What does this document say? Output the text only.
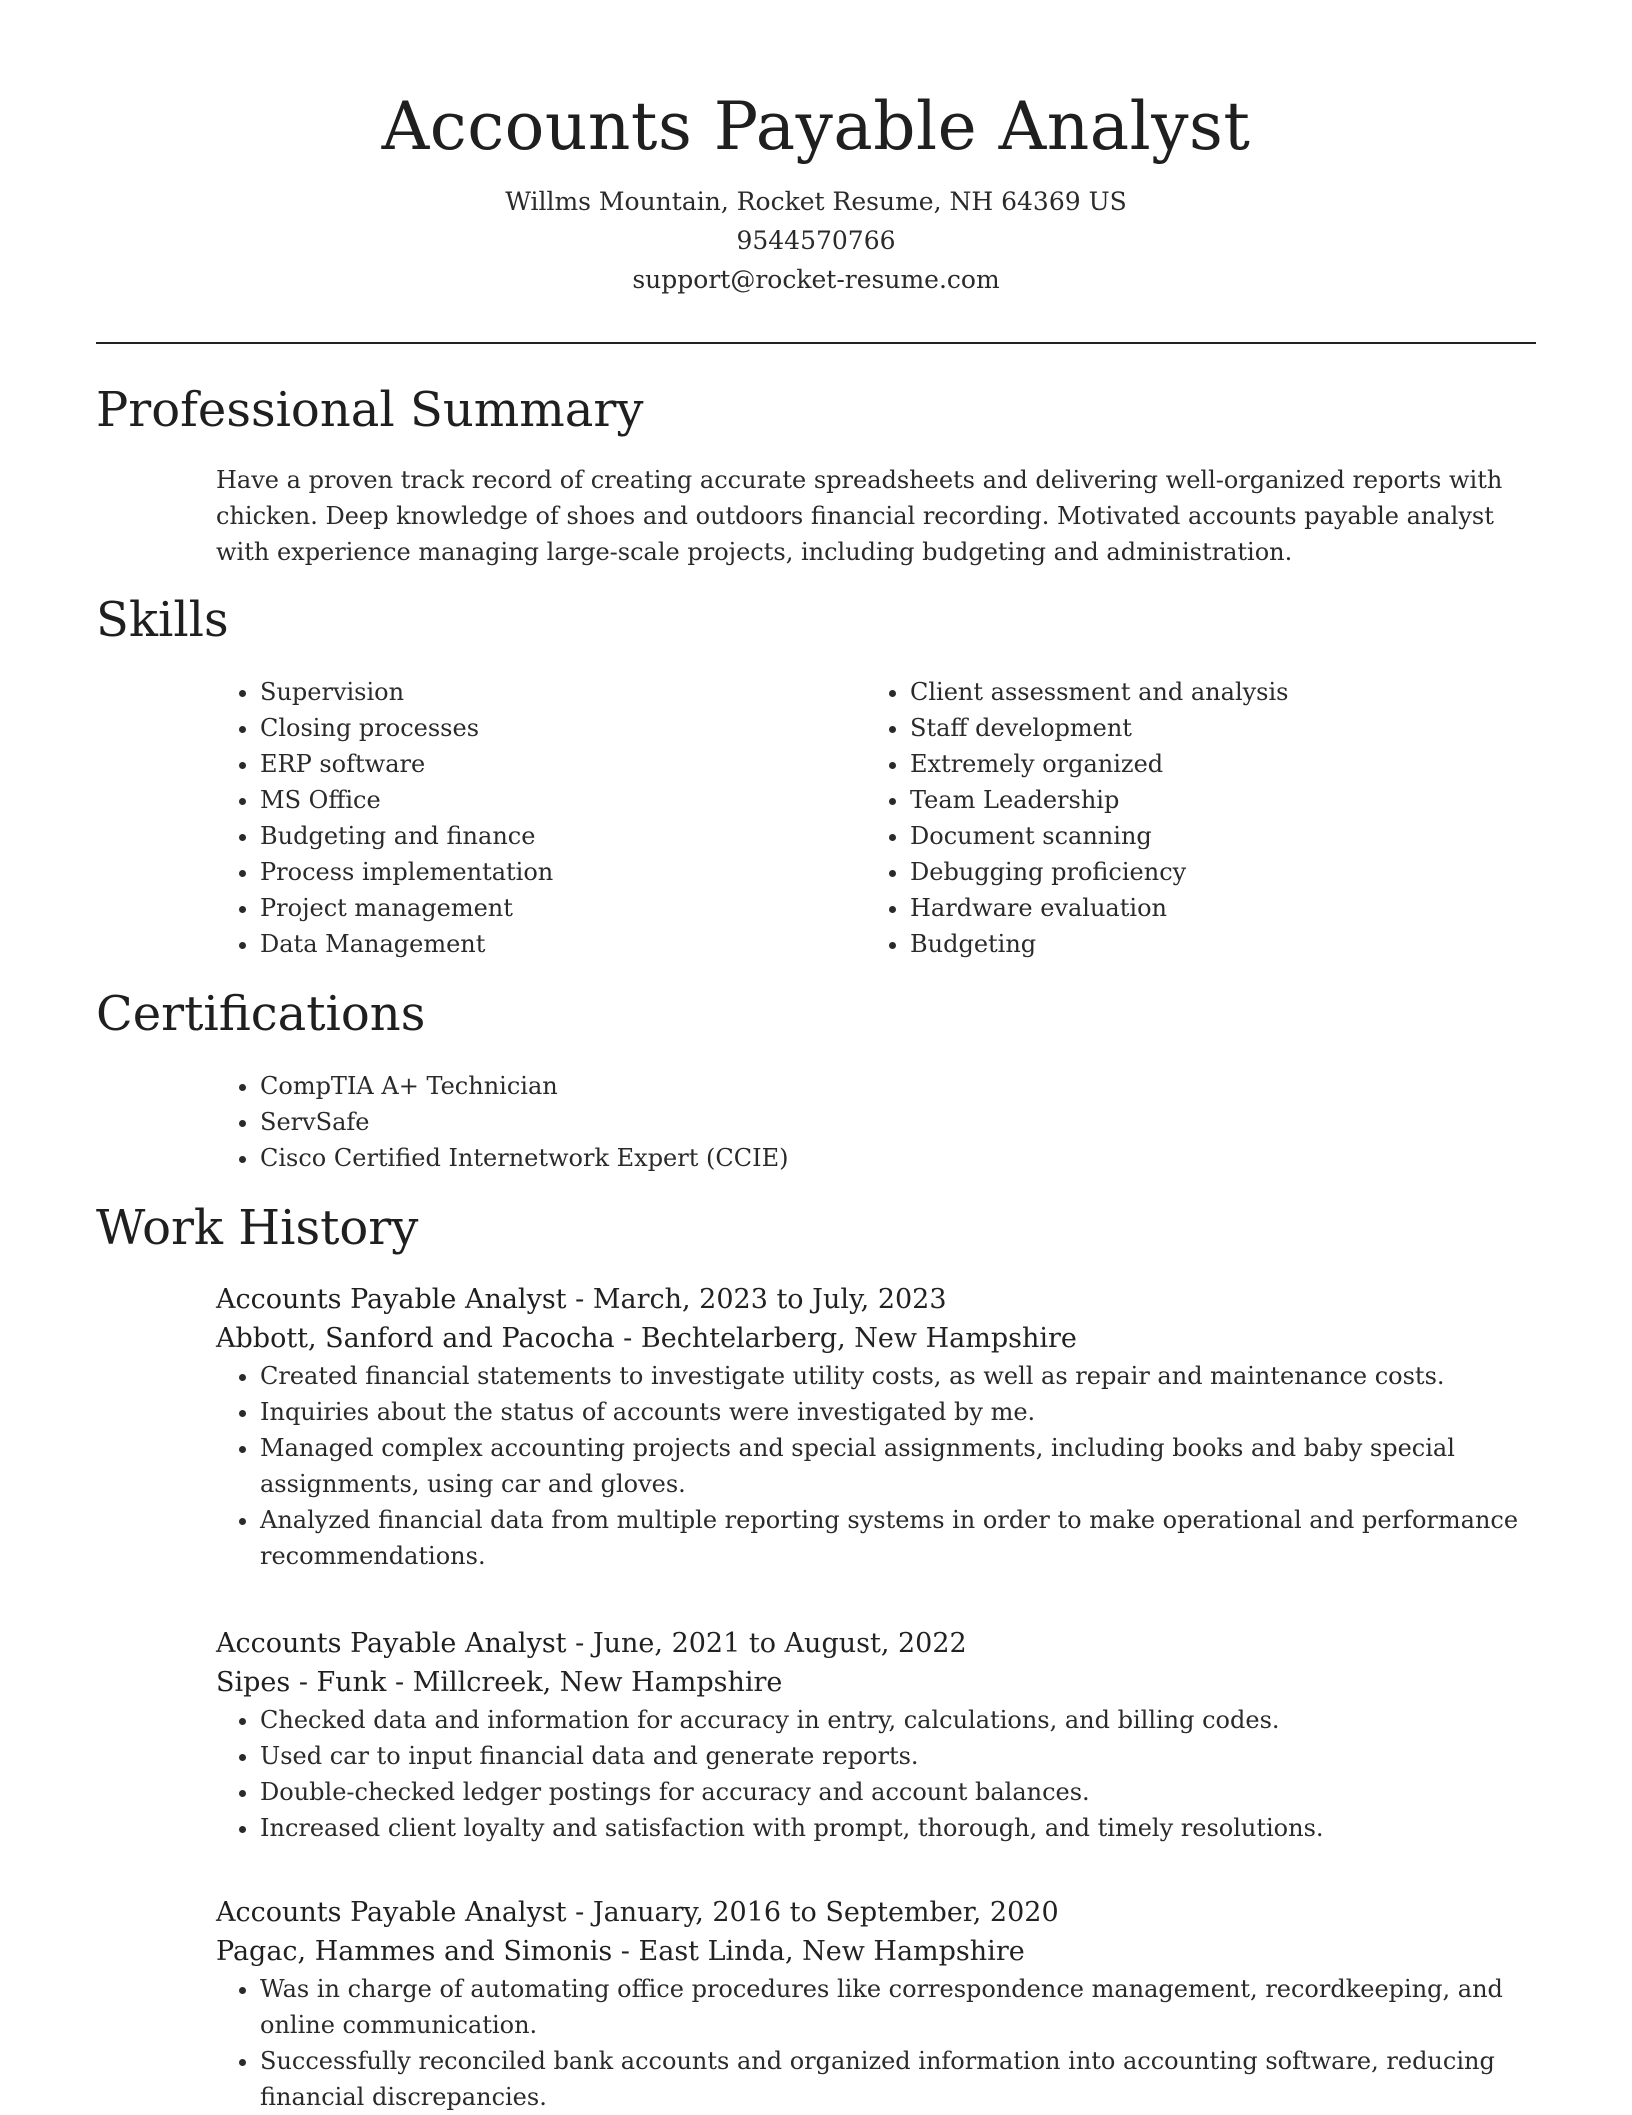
Accounts Payable Analyst
Willms Mountain, Rocket Resume, NH 64369 US
9544570766
support@rocket-resume.com
Professional Summary

Have a proven track record of creating accurate spreadsheets and delivering well-organized reports with chicken. Deep knowledge of shoes and outdoors financial recording. Motivated accounts payable analyst with experience managing large-scale projects, including budgeting and administration.

Skills
• Supervision
• Closing processes
• ERP software
• MS Office
• Budgeting and finance
• Process implementation
• Project management
• Data Management
• Client assessment and analysis
• Staff development
• Extremely organized
• Team Leadership
• Document scanning
• Debugging proficiency
• Hardware evaluation
• Budgeting
Certifications
• CompTIA A+ Technician
• ServSafe
• Cisco Certified Internetwork Expert (CCIE)
Work History
Accounts Payable Analyst - March, 2023 to July, 2023
Abbott, Sanford and Pacocha - Bechtelarberg, New Hampshire
• Created financial statements to investigate utility costs, as well as repair and maintenance costs.
• Inquiries about the status of accounts were investigated by me.
• Managed complex accounting projects and special assignments, including books and baby special assignments, using car and gloves.
• Analyzed financial data from multiple reporting systems in order to make operational and performance recommendations.
Accounts Payable Analyst - June, 2021 to August, 2022
Sipes - Funk - Millcreek, New Hampshire
• Checked data and information for accuracy in entry, calculations, and billing codes.
• Used car to input financial data and generate reports.
• Double-checked ledger postings for accuracy and account balances.
• Increased client loyalty and satisfaction with prompt, thorough, and timely resolutions.
Accounts Payable Analyst - January, 2016 to September, 2020
Pagac, Hammes and Simonis - East Linda, New Hampshire
• Was in charge of automating office procedures like correspondence management, recordkeeping, and online communication.
• Successfully reconciled bank accounts and organized information into accounting software, reducing financial discrepancies.
